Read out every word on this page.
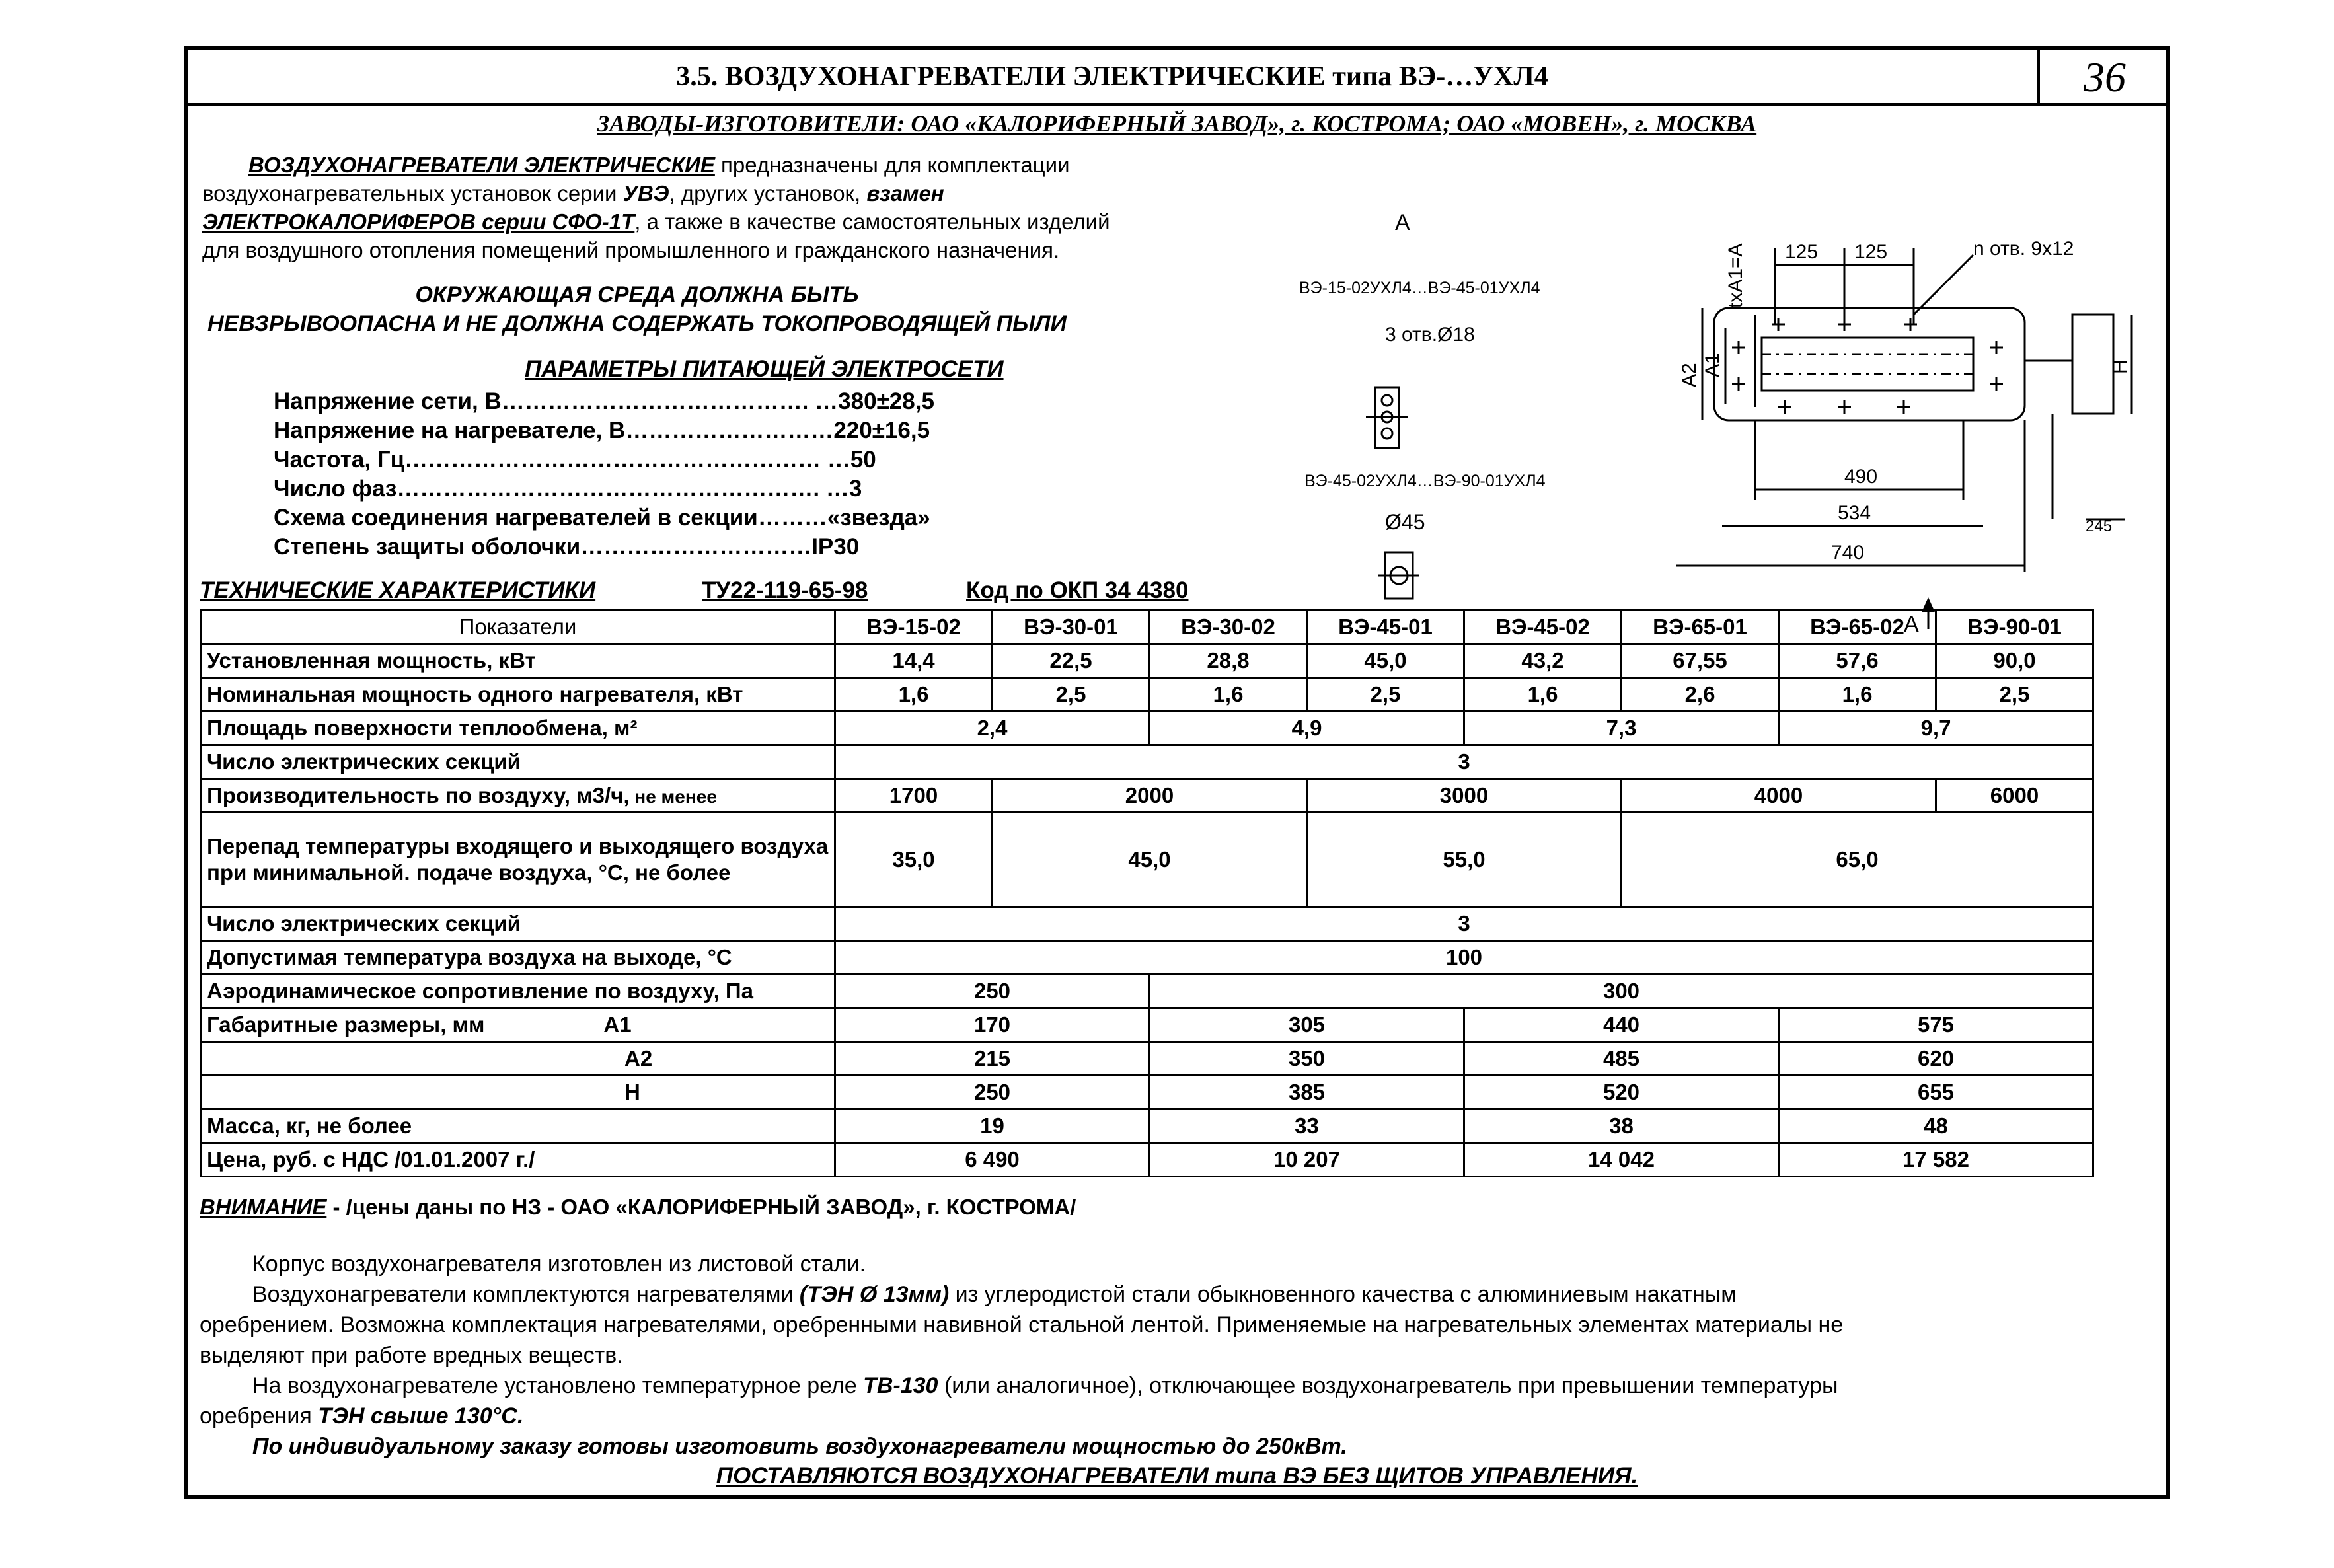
3.5. ВОЗДУХОНАГРЕВАТЕЛИ ЭЛЕКТРИЧЕСКИЕ типа ВЭ-…УХЛ4	36
ЗАВОДЫ-ИЗГОТОВИТЕЛИ: ОАО «КАЛОРИФЕРНЫЙ ЗАВОД», г. КОСТРОМА; ОАО «МОВЕН», г. МОСКВА
ВОЗДУХОНАГРЕВАТЕЛИ ЭЛЕКТРИЧЕСКИЕ предназначены для комплектации
воздухонагревательных установок серии УВЭ, других установок, взамен
ЭЛЕКТРОКАЛОРИФЕРОВ серии СФО-1Т, а также в качестве самостоятельных изделий
для воздушного отопления помещений промышленного и гражданского назначения.
ОКРУЖАЮЩАЯ СРЕДА ДОЛЖНА БЫТЬ
НЕВЗРЫВООПАСНА И НЕ ДОЛЖНА СОДЕРЖАТЬ ТОКОПРОВОДЯЩЕЙ ПЫЛИ
ПАРАМЕТРЫ ПИТАЮЩЕЙ ЭЛЕКТРОСЕТИ
Напряжение сети, В…………………………………. …380±28,5
Напряжение на нагревателе, В………………………220±16,5
Частота, Гц……………………………………………… …50
Число фаз………………………………………………. …3
Схема соединения нагревателей в секции………«звезда»
Степень защиты оболочки…………………………IP30
ТЕХНИЧЕСКИЕ ХАРАКТЕРИСТИКИ	ТУ22-119-65-98	Код по ОКП 34 4380
А
ВЭ-15-02УХЛ4…ВЭ-45-01УХЛ4
3 отв.Ø18
ВЭ-45-02УХЛ4…ВЭ-90-01УХЛ4
Ø45
125 125	n отв. 9х12
txA1=A
A2 A1	H
490
534
740
245
А
Показатели	ВЭ-15-02	ВЭ-30-01	ВЭ-30-02	ВЭ-45-01	ВЭ-45-02	ВЭ-65-01	ВЭ-65-02	ВЭ-90-01
Установленная мощность, кВт	14,4	22,5	28,8	45,0	43,2	67,55	57,6	90,0
Номинальная мощность одного нагревателя, кВт	1,6	2,5	1,6	2,5	1,6	2,6	1,6	2,5
Площадь поверхности теплообмена, м²	2,4		4,9		7,3		9,7	
Число электрических секций	3							
Производительность по воздуху, м3/ч, не менее	1700	2000		3000		4000		6000
Перепад температуры входящего и выходящего воздуха при минимальной. подаче воздуха, °С, не более	35,0	45,0		55,0		65,0		
Число электрических секций	3							
Допустимая температура воздуха на выходе, °С	100							
Аэродинамическое сопротивление по воздуху, Па	250		300					
Габаритные размеры, мм A1	170		305		440		575	
A2	215		350		485		620	
H	250		385		520		655	
Масса, кг, не более	19		33		38		48	
Цена, руб. с НДС /01.01.2007 г./	6 490		10 207		14 042		17 582	
ВНИМАНИЕ - /цены даны по НЗ - ОАО «КАЛОРИФЕРНЫЙ ЗАВОД», г. КОСТРОМА/

Корпус воздухонагревателя изготовлен из листовой стали.

Воздухонагреватели комплектуются нагревателями (ТЭН Ø 13мм) из углеродистой стали обыкновенного качества с алюминиевым накатным

оребрением. Возможна комплектация нагревателями, оребренными навивной стальной лентой. Применяемые на нагревательных элементах материалы не

выделяют при работе вредных веществ.

На воздухонагревателе установлено температурное реле ТВ-130 (или аналогичное), отключающее воздухонагреватель при превышении температуры

оребрения ТЭН свыше 130°С.

По индивидуальному заказу готовы изготовить воздухонагреватели мощностью до 250кВт.

ПОСТАВЛЯЮТСЯ ВОЗДУХОНАГРЕВАТЕЛИ типа ВЭ БЕЗ ЩИТОВ УПРАВЛЕНИЯ.
